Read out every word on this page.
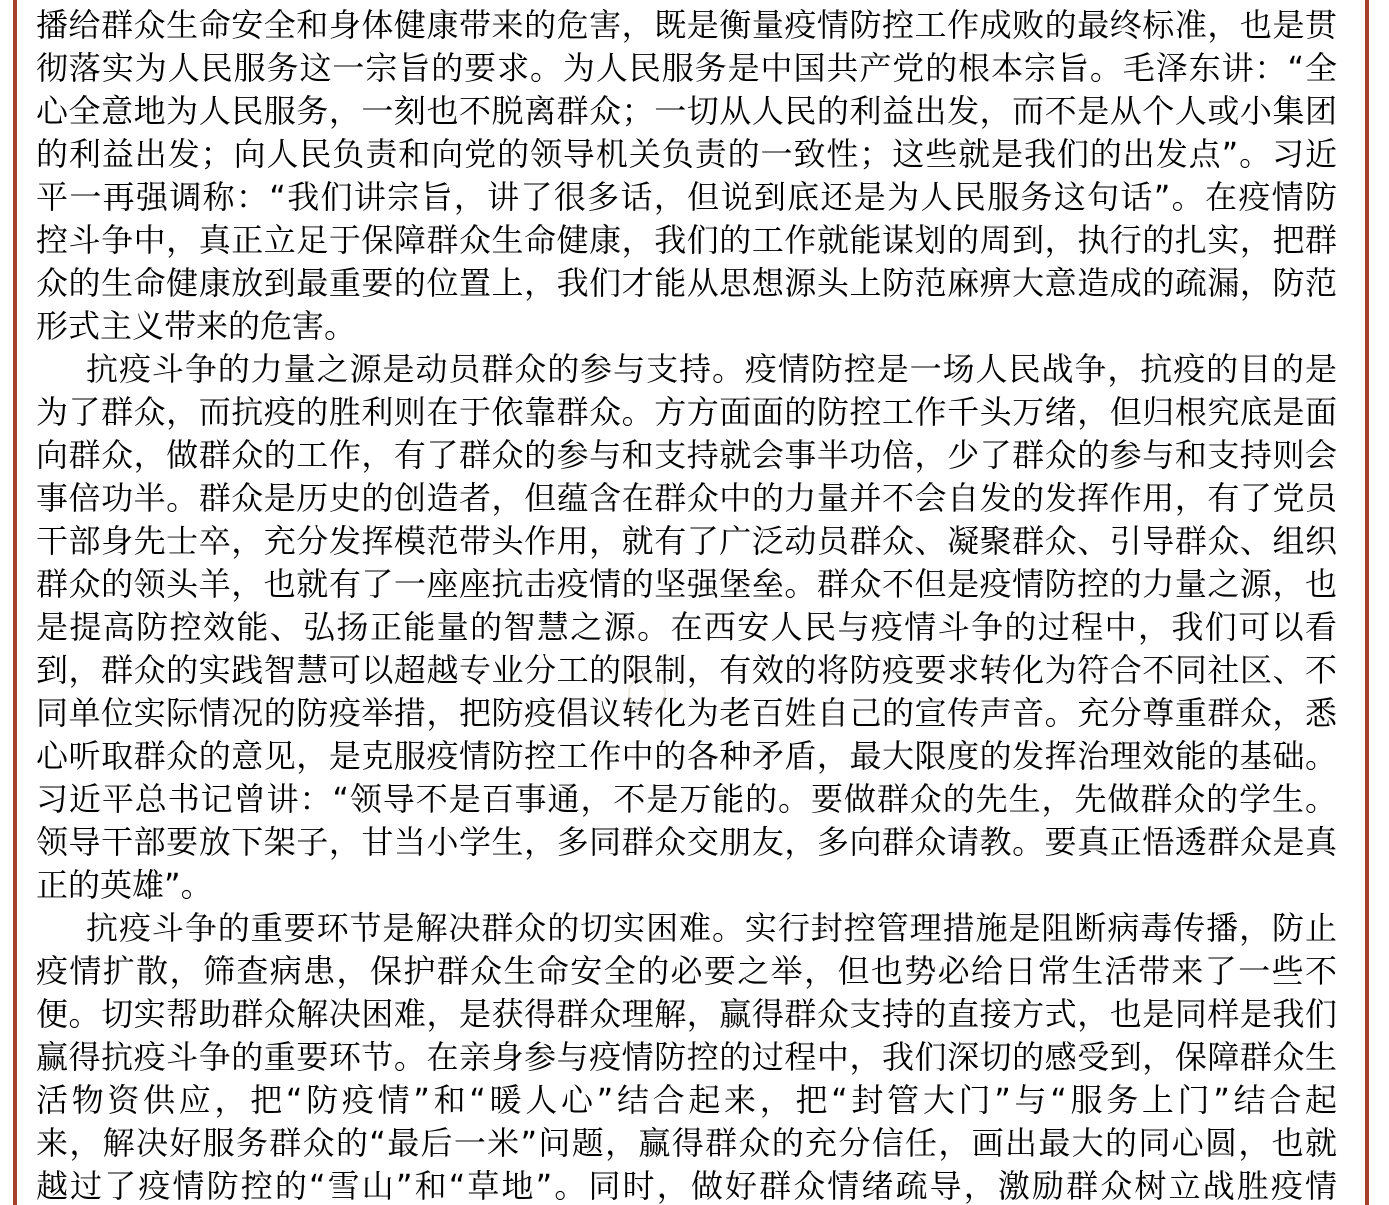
播给群众生命安全和身体健康带来的危害，既是衡量疫情防控工作成败的最终标准，也是贯
彻落实为人民服务这一宗旨的要求。为人民服务是中国共产党的根本宗旨。毛泽东讲：“全
心全意地为人民服务，一刻也不脱离群众；一切从人民的利益出发，而不是从个人或小集团
的利益出发；向人民负责和向党的领导机关负责的一致性；这些就是我们的出发点”。习近
平一再强调称：“我们讲宗旨，讲了很多话，但说到底还是为人民服务这句话”。在疫情防
控斗争中，真正立足于保障群众生命健康，我们的工作就能谋划的周到，执行的扎实，把群
众的生命健康放到最重要的位置上，我们才能从思想源头上防范麻痹大意造成的疏漏，防范
形式主义带来的危害。
抗疫斗争的力量之源是动员群众的参与支持。疫情防控是一场人民战争，抗疫的目的是
为了群众，而抗疫的胜利则在于依靠群众。方方面面的防控工作千头万绪，但归根究底是面
向群众，做群众的工作，有了群众的参与和支持就会事半功倍，少了群众的参与和支持则会
事倍功半。群众是历史的创造者，但蕴含在群众中的力量并不会自发的发挥作用，有了党员
干部身先士卒，充分发挥模范带头作用，就有了广泛动员群众、凝聚群众、引导群众、组织
群众的领头羊，也就有了一座座抗击疫情的坚强堡垒。群众不但是疫情防控的力量之源，也
是提高防控效能、弘扬正能量的智慧之源。在西安人民与疫情斗争的过程中，我们可以看
到，群众的实践智慧可以超越专业分工的限制，有效的将防疫要求转化为符合不同社区、不
同单位实际情况的防疫举措，把防疫倡议转化为老百姓自己的宣传声音。充分尊重群众，悉
心听取群众的意见，是克服疫情防控工作中的各种矛盾，最大限度的发挥治理效能的基础。
习近平总书记曾讲：“领导不是百事通，不是万能的。要做群众的先生，先做群众的学生。
领导干部要放下架子，甘当小学生，多同群众交朋友，多向群众请教。要真正悟透群众是真
正的英雄”。
抗疫斗争的重要环节是解决群众的切实困难。实行封控管理措施是阻断病毒传播，防止
疫情扩散，筛查病患，保护群众生命安全的必要之举，但也势必给日常生活带来了一些不
便。切实帮助群众解决困难，是获得群众理解，赢得群众支持的直接方式，也是同样是我们
赢得抗疫斗争的重要环节。在亲身参与疫情防控的过程中，我们深切的感受到，保障群众生
活物资供应，把“防疫情”和“暖人心”结合起来，把“封管大门”与“服务上门”结合起
来，解决好服务群众的“最后一米”问题，赢得群众的充分信任，画出最大的同心圆，也就
越过了疫情防控的“雪山”和“草地”。同时，做好群众情绪疏导，激励群众树立战胜疫情
